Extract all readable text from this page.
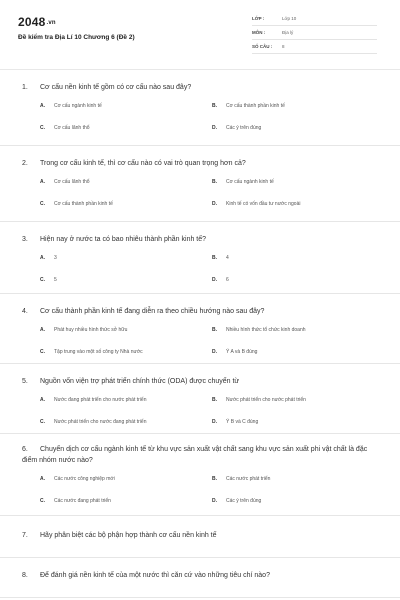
2048.vn
Đề kiểm tra Địa Lí 10 Chương 6 (Đề 2)
LỚP :	Lớp 10
MÔN :	Địa lý
SỐ CÂU :	8
1. Cơ cấu nền kinh tế gồm có cơ cấu nào sau đây?
A. Cơ cấu ngành kinh tế	B. Cơ cấu thành phần kinh tế
C. Cơ cấu lãnh thổ	D. Các ý trên đúng
2. Trong cơ cấu kinh tế, thì cơ cấu nào có vai trò quan trọng hơn cả?
A. Cơ cấu lãnh thổ	B. Cơ cấu ngành kinh tế
C. Cơ cấu thành phần kinh tế	D. Kinh tế có vốn đầu tư nước ngoài
3. Hiện nay ở nước ta có bao nhiêu thành phần kinh tế?
A. 3	B. 4
C. 5	D. 6
4. Cơ cấu thành phần kinh tế đang diễn ra theo chiều hướng nào sau đây?
A. Phát huy nhiều hình thức sở hữu	B. Nhiều hình thức tổ chức kinh doanh
C. Tập trung vào một số công ty Nhà nước	D. Ý A và B đúng
5. Nguồn vốn viện trợ phát triển chính thức (ODA) được chuyển từ
A. Nước đang phát triển cho nước phát triển	B. Nước phát triển cho nước phát triển
C. Nước phát triển cho nước đang phát triển	D. Ý B và C đúng
6. Chuyển dịch cơ cấu ngành kinh tế từ khu vực sản xuất vật chất sang khu vực sản xuất phi vật chất là đặc điểm nhóm nước nào?
A. Các nước công nghiệp mới	B. Các nước phát triển
C. Các nước đang phát triển	D. Các ý trên đúng
7. Hãy phân biệt các bộ phận hợp thành cơ cấu nền kinh tế
8. Để đánh giá nền kinh tế của một nước thì căn cứ vào những tiêu chí nào?
